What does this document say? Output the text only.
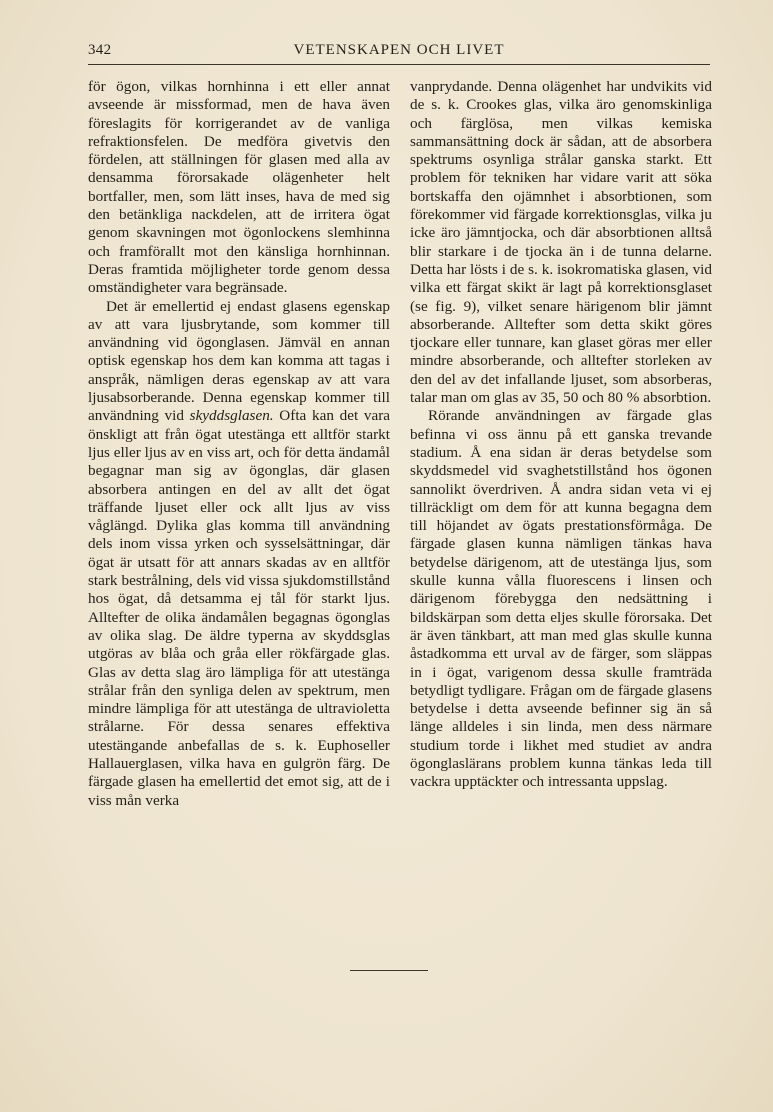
342	VETENSKAPEN OCH LIVET

för ögon, vilkas hornhinna i ett eller annat avseende är missformad, men de hava även föreslagits för korrigerandet av de vanliga refraktionsfelen. De medföra givetvis den fördelen, att ställningen för glasen med alla av densamma förorsakade olägenheter helt bortfaller, men, som lätt inses, hava de med sig den betänkliga nackdelen, att de irritera ögat genom skavningen mot ögonlockens slemhinna och framförallt mot den känsliga hornhinnan. Deras framtida möjligheter torde genom dessa omständigheter vara begränsade.

Det är emellertid ej endast glasens egenskap av att vara ljusbrytande, som kommer till användning vid ögonglasen. Jämväl en annan optisk egenskap hos dem kan komma att tagas i anspråk, nämligen deras egenskap av att vara ljusabsorberande. Denna egenskap kommer till användning vid skyddsglasen. Ofta kan det vara önskligt att från ögat utestänga ett alltför starkt ljus eller ljus av en viss art, och för detta ändamål begagnar man sig av ögonglas, där glasen absorbera antingen en del av allt det ögat träffande ljuset eller ock allt ljus av viss våglängd. Dylika glas komma till användning dels inom vissa yrken och sysselsättningar, där ögat är utsatt för att annars skadas av en alltför stark bestrålning, dels vid vissa sjukdomstillstånd hos ögat, då detsamma ej tål för starkt ljus. Alltefter de olika ändamålen begagnas ögonglas av olika slag. De äldre typerna av skyddsglas utgöras av blåa och gråa eller rökfärgade glas. Glas av detta slag äro lämpliga för att utestänga strålar från den synliga delen av spektrum, men mindre lämpliga för att utestänga de ultravioletta strålarne. För dessa senares effektiva utestängande anbefallas de s. k. Euphoseller Hallauerglasen, vilka hava en gulgrön färg. De färgade glasen ha emellertid det emot sig, att de i viss mån verka

vanprydande. Denna olägenhet har undvikits vid de s. k. Crookes glas, vilka äro genomskinliga och färglösa, men vilkas kemiska sammansättning dock är sådan, att de absorbera spektrums osynliga strålar ganska starkt. Ett problem för tekniken har vidare varit att söka bortskaffa den ojämnhet i absorbtionen, som förekommer vid färgade korrektionsglas, vilka ju icke äro jämntjocka, och där absorbtionen alltså blir starkare i de tjocka än i de tunna delarne. Detta har lösts i de s. k. isokromatiska glasen, vid vilka ett färgat skikt är lagt på korrektionsglaset (se fig. 9), vilket senare härigenom blir jämnt absorberande. Alltefter som detta skikt göres tjockare eller tunnare, kan glaset göras mer eller mindre absorberande, och alltefter storleken av den del av det infallande ljuset, som absorberas, talar man om glas av 35, 50 och 80 % absorbtion.

Rörande användningen av färgade glas befinna vi oss ännu på ett ganska trevande stadium. Å ena sidan är deras betydelse som skyddsmedel vid svaghetstillstånd hos ögonen sannolikt överdriven. Å andra sidan veta vi ej tillräckligt om dem för att kunna begagna dem till höjandet av ögats prestationsförmåga. De färgade glasen kunna nämligen tänkas hava betydelse därigenom, att de utestänga ljus, som skulle kunna vålla fluorescens i linsen och därigenom förebygga den nedsättning i bildskärpan som detta eljes skulle förorsaka. Det är även tänkbart, att man med glas skulle kunna åstadkomma ett urval av de färger, som släppas in i ögat, varigenom dessa skulle framträda betydligt tydligare. Frågan om de färgade glasens betydelse i detta avseende befinner sig än så länge alldeles i sin linda, men dess närmare studium torde i likhet med studiet av andra ögonglaslärans problem kunna tänkas leda till vackra upptäckter och intressanta uppslag.
